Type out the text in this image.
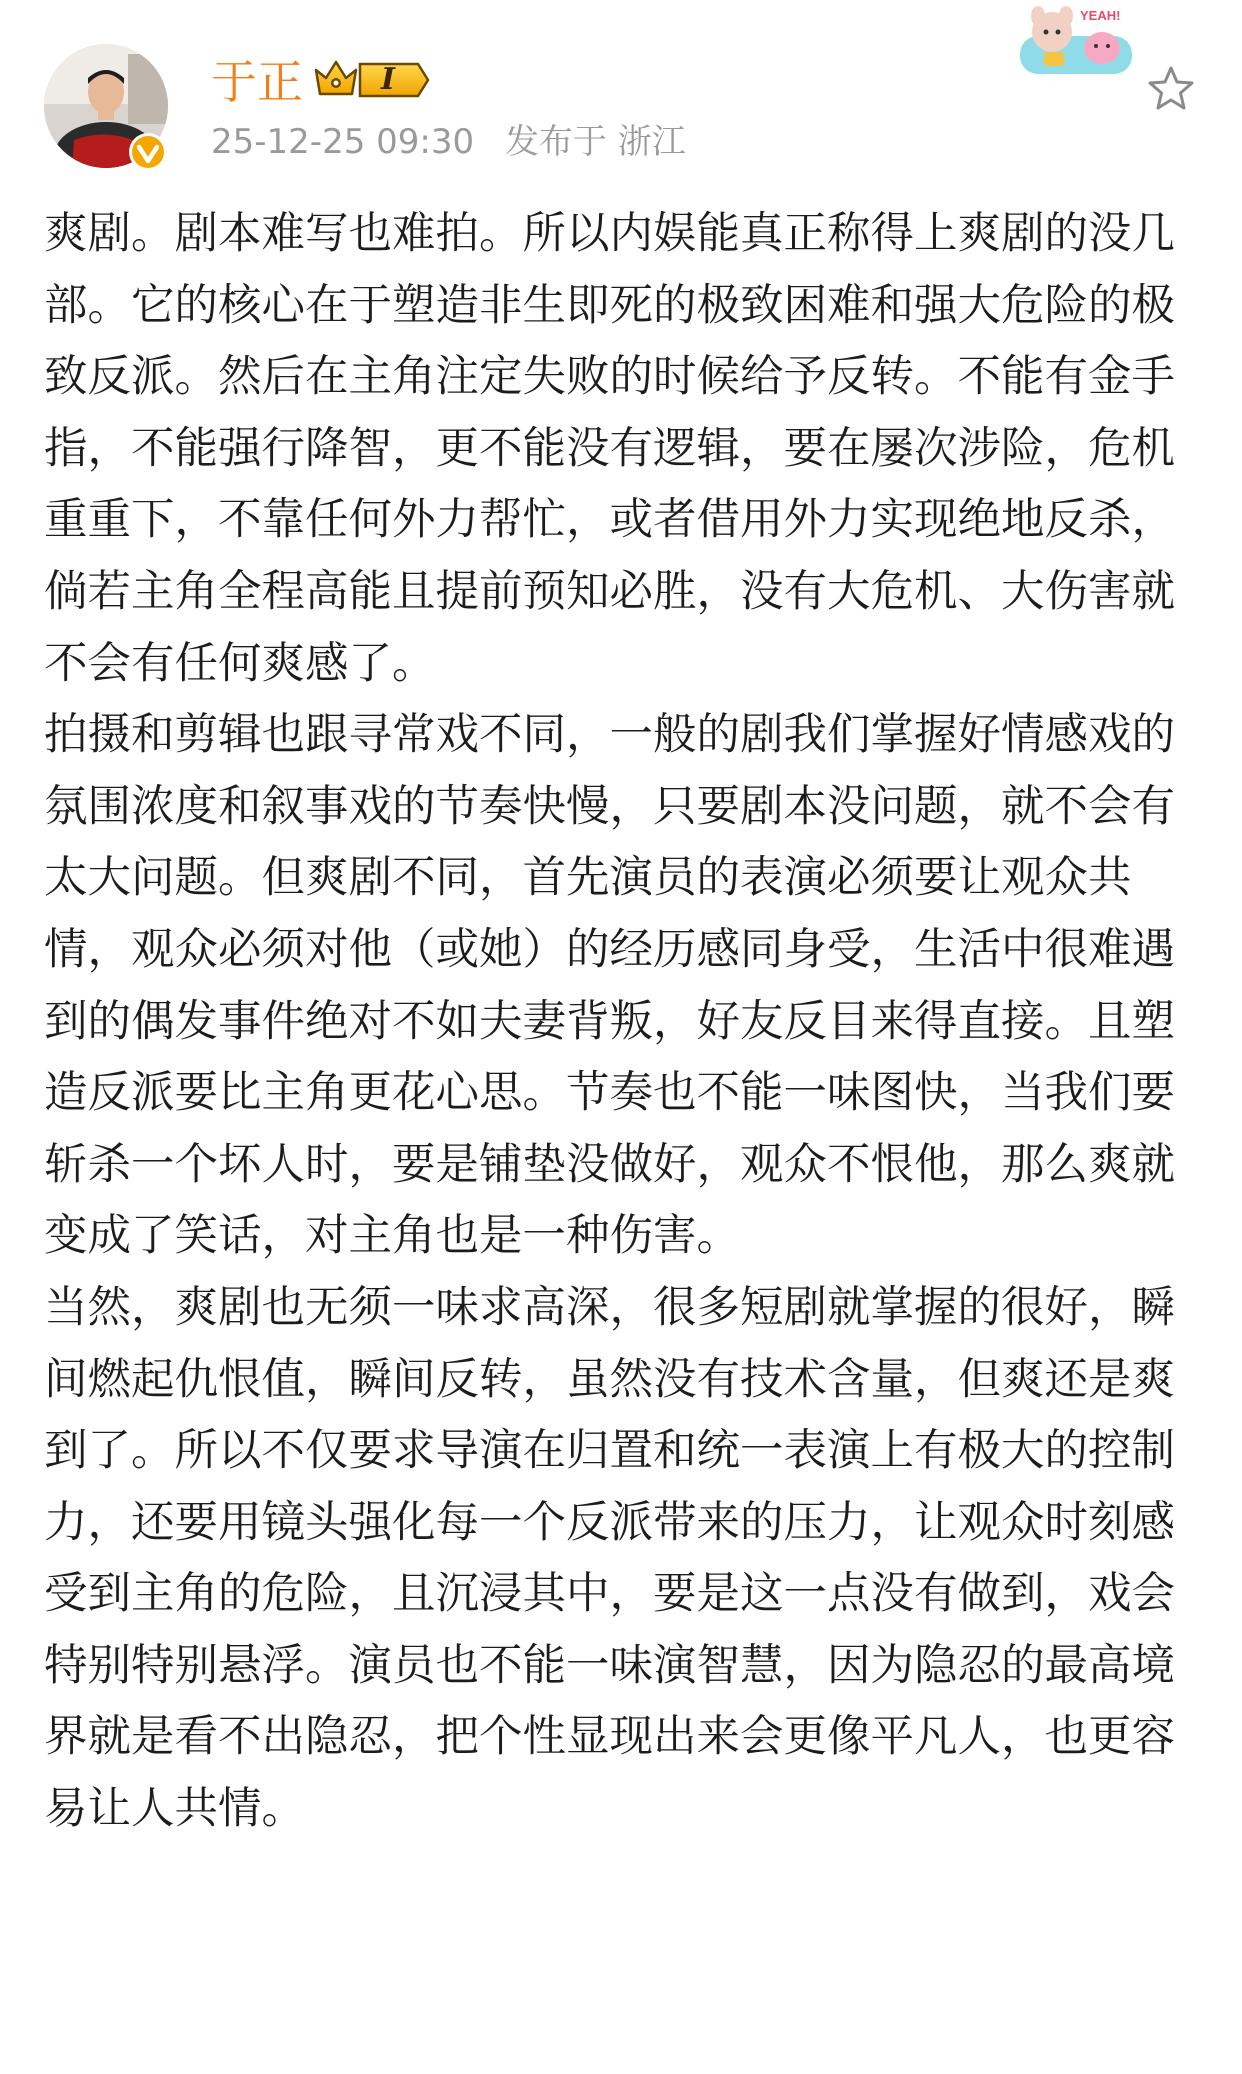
于正	I
25-12-25 09:30 发布于 浙江
YEAH!

爽剧。剧本难写也难拍。所以内娱能真正称得上爽剧的没几部。它的核心在于塑造非生即死的极致困难和强大危险的极致反派。然后在主角注定失败的时候给予反转。不能有金手指，不能强行降智，更不能没有逻辑，要在屡次涉险，危机重重下，不靠任何外力帮忙，或者借用外力实现绝地反杀，倘若主角全程高能且提前预知必胜，没有大危机、大伤害就不会有任何爽感了。

拍摄和剪辑也跟寻常戏不同，一般的剧我们掌握好情感戏的氛围浓度和叙事戏的节奏快慢，只要剧本没问题，就不会有太大问题。但爽剧不同，首先演员的表演必须要让观众共情，观众必须对他（或她）的经历感同身受，生活中很难遇到的偶发事件绝对不如夫妻背叛，好友反目来得直接。且塑造反派要比主角更花心思。节奏也不能一味图快，当我们要斩杀一个坏人时，要是铺垫没做好，观众不恨他，那么爽就变成了笑话，对主角也是一种伤害。

当然，爽剧也无须一味求高深，很多短剧就掌握的很好，瞬间燃起仇恨值，瞬间反转，虽然没有技术含量，但爽还是爽到了。所以不仅要求导演在归置和统一表演上有极大的控制力，还要用镜头强化每一个反派带来的压力，让观众时刻感受到主角的危险，且沉浸其中，要是这一点没有做到，戏会特别特别悬浮。演员也不能一味演智慧，因为隐忍的最高境界就是看不出隐忍，把个性显现出来会更像平凡人，也更容易让人共情。
